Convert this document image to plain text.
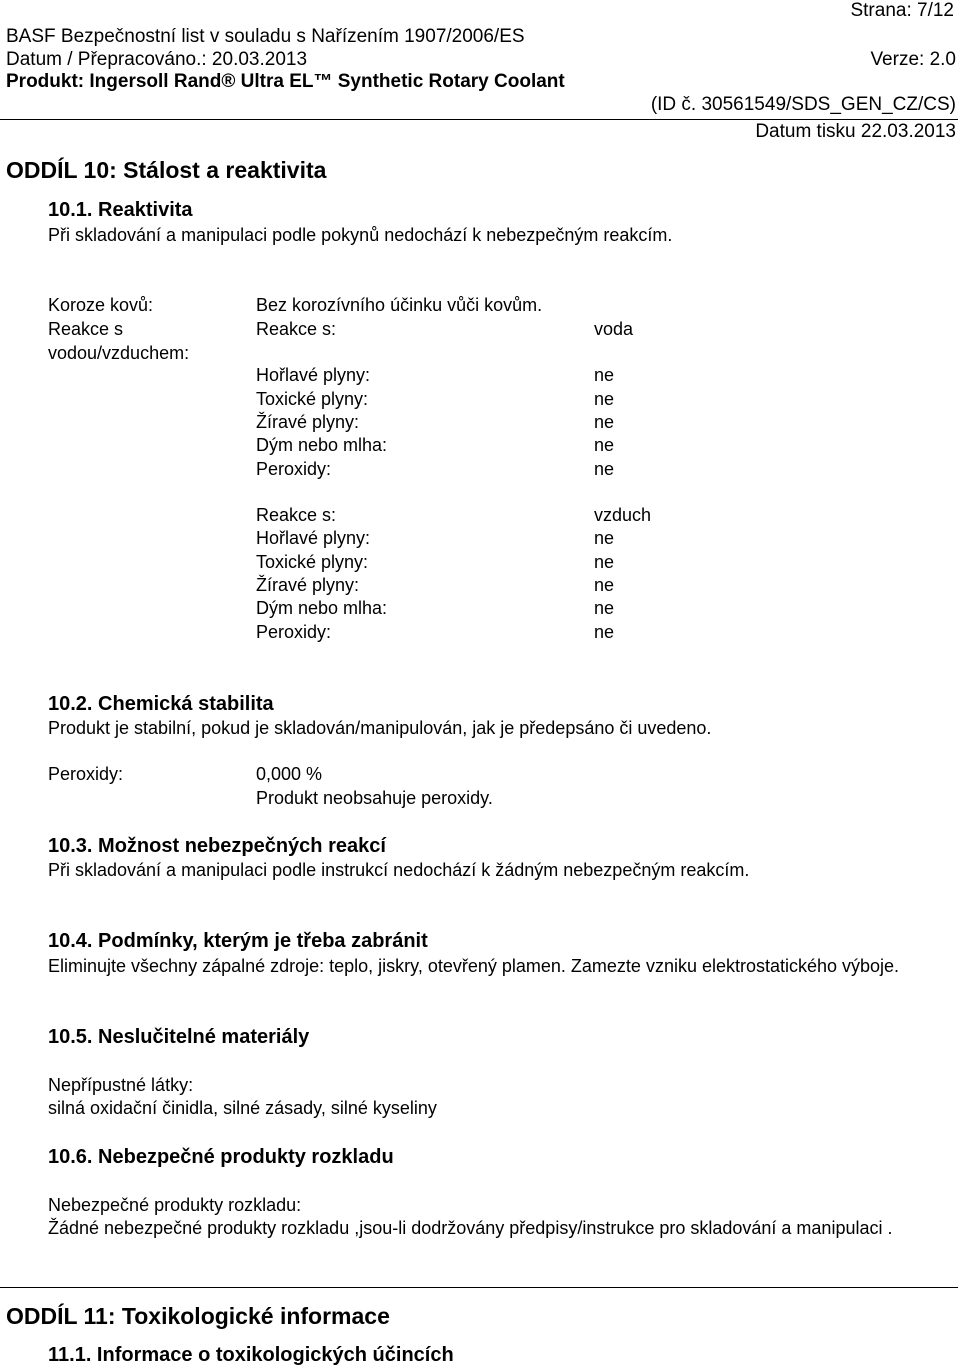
Strana: 7/12
BASF Bezpečnostní list v souladu s Nařízením 1907/2006/ES
Datum / Přepracováno.: 20.03.2013	Verze: 2.0
Produkt: Ingersoll Rand® Ultra EL™ Synthetic Rotary Coolant
(ID č. 30561549/SDS_GEN_CZ/CS)
Datum tisku 22.03.2013
ODDÍL 10: Stálost a reaktivita
10.1. Reaktivita
Při skladování a manipulaci podle pokynů nedochází k nebezpečným reakcím.
Koroze kovů:	Bez korozívního účinku vůči kovům.
Reakce s
vodou/vzduchem:
Reakce s:	voda
Hořlavé plyny:	ne
Toxické plyny:	ne
Žíravé plyny:	ne
Dým nebo mlha:	ne
Peroxidy:	ne
Reakce s:	vzduch
Hořlavé plyny:	ne
Toxické plyny:	ne
Žíravé plyny:	ne
Dým nebo mlha:	ne
Peroxidy:	ne
10.2. Chemická stabilita
Produkt je stabilní, pokud je skladován/manipulován, jak je předepsáno či uvedeno.
Peroxidy:	0,000 %
Produkt neobsahuje peroxidy.
10.3. Možnost nebezpečných reakcí
Při skladování a manipulaci podle instrukcí nedochází k žádným nebezpečným reakcím.
10.4. Podmínky, kterým je třeba zabránit
Eliminujte všechny zápalné zdroje: teplo, jiskry, otevřený plamen. Zamezte vzniku elektrostatického výboje.
10.5. Neslučitelné materiály
Nepřípustné látky:
silná oxidační činidla, silné zásady, silné kyseliny
10.6. Nebezpečné produkty rozkladu
Nebezpečné produkty rozkladu:
Žádné nebezpečné produkty rozkladu ,jsou-li dodržovány předpisy/instrukce pro skladování a manipulaci .
ODDÍL 11: Toxikologické informace
11.1. Informace o toxikologických účincích
